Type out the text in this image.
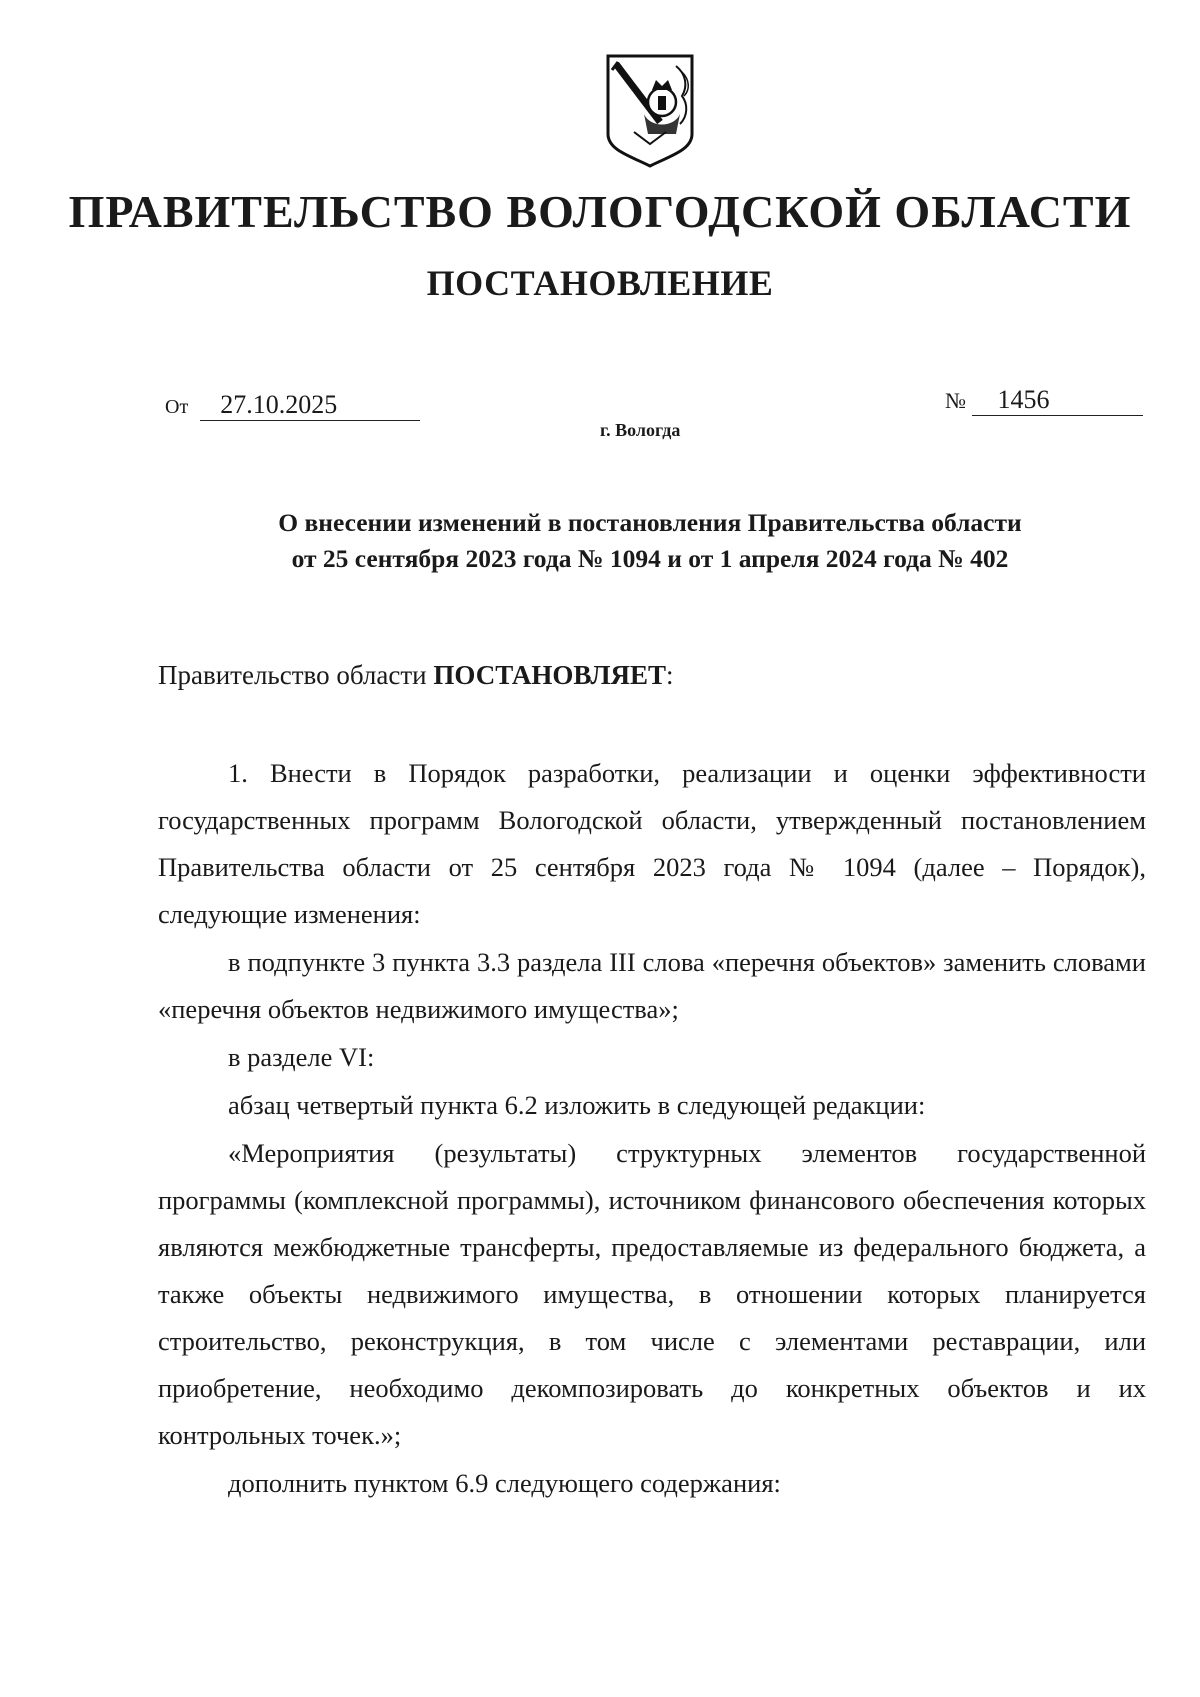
ПРАВИТЕЛЬСТВО ВОЛОГОДСКОЙ ОБЛАСТИ
ПОСТАНОВЛЕНИЕ
От 27.10.2025	№ 1456
г. Вологда
О внесении изменений в постановления Правительства области
от 25 сентября 2023 года № 1094 и от 1 апреля 2024 года № 402
Правительство области ПОСТАНОВЛЯЕТ:

1. Внести в Порядок разработки, реализации и оценки эффективности государственных программ Вологодской области, утвержденный постановлением Правительства области от 25 сентября 2023 года № 1094 (далее – Порядок), следующие изменения:

в подпункте 3 пункта 3.3 раздела III слова «перечня объектов» заменить словами «перечня объектов недвижимого имущества»;

в разделе VI:

абзац четвертый пункта 6.2 изложить в следующей редакции:

«Мероприятия (результаты) структурных элементов государственной программы (комплексной программы), источником финансового обеспечения которых являются межбюджетные трансферты, предоставляемые из федерального бюджета, а также объекты недвижимого имущества, в отношении которых планируется строительство, реконструкция, в том числе с элементами реставрации, или приобретение, необходимо декомпозировать до конкретных объектов и их контрольных точек.»;

дополнить пунктом 6.9 следующего содержания:
